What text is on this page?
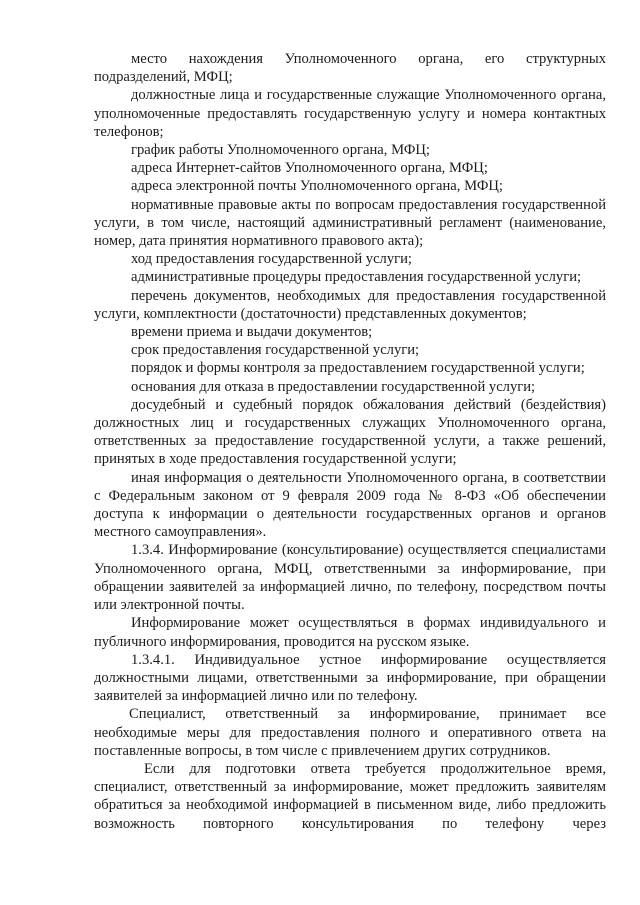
место нахождения Уполномоченного органа, его структурных подразделений, МФЦ;

должностные лица и государственные служащие Уполномоченного органа, уполномоченные предоставлять государственную услугу и номера контактных телефонов;

график работы Уполномоченного органа, МФЦ;

адреса Интернет-сайтов Уполномоченного органа, МФЦ;

адреса электронной почты Уполномоченного органа, МФЦ;

нормативные правовые акты по вопросам предоставления государственной услуги, в том числе, настоящий административный регламент (наименование, номер, дата принятия нормативного правового акта);

ход предоставления государственной услуги;

административные процедуры предоставления государственной услуги;

перечень документов, необходимых для предоставления государственной услуги, комплектности (достаточности) представленных документов;

времени приема и выдачи документов;

срок предоставления государственной услуги;

порядок и формы контроля за предоставлением государственной услуги;

основания для отказа в предоставлении государственной услуги;

досудебный и судебный порядок обжалования действий (бездействия) должностных лиц и государственных служащих Уполномоченного органа, ответственных за предоставление государственной услуги, а также решений, принятых в ходе предоставления государственной услуги;

иная информация о деятельности Уполномоченного органа, в соответствии с Федеральным законом от 9 февраля 2009 года № 8-ФЗ «Об обеспечении доступа к информации о деятельности государственных органов и органов местного самоуправления».

1.3.4. Информирование (консультирование) осуществляется специалистами Уполномоченного органа, МФЦ, ответственными за информирование, при обращении заявителей за информацией лично, по телефону, посредством почты или электронной почты.

Информирование может осуществляться в формах индивидуального и публичного информирования, проводится на русском языке.

1.3.4.1. Индивидуальное устное информирование осуществляется должностными лицами, ответственными за информирование, при обращении заявителей за информацией лично или по телефону.

Специалист, ответственный за информирование, принимает все необходимые меры для предоставления полного и оперативного ответа на поставленные вопросы, в том числе с привлечением других сотрудников.

Если для подготовки ответа требуется продолжительное время, специалист, ответственный за информирование, может предложить заявителям обратиться за необходимой информацией в письменном виде, либо предложить возможность повторного консультирования по телефону через
